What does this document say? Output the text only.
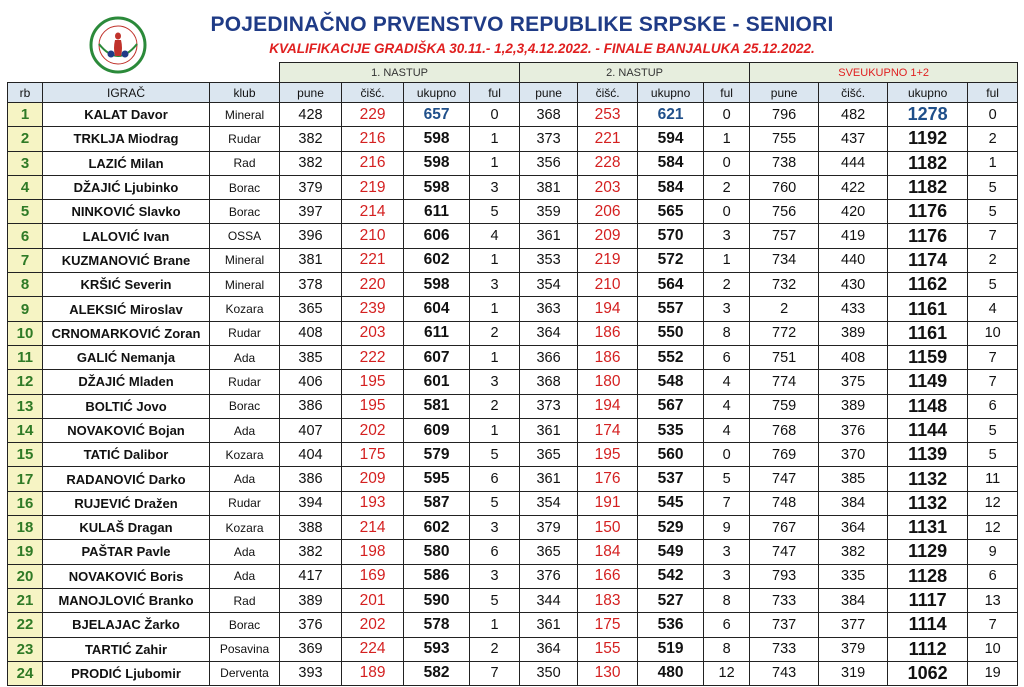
POJEDINAČNO PRVENSTVO REPUBLIKE SRPSKE - SENIORI
KVALIFIKACIJE GRADIŠKA 30.11.- 1,2,3,4.12.2022. - FINALE BANJALUKA 25.12.2022.
			1. NASTUP				2. NASTUP				SVEUKUPNO 1+2			
rb	IGRAČ	klub	pune	čišć.	ukupno	ful	pune	čišć.	ukupno	ful	pune	čišć.	ukupno	ful
1	KALAT Davor	Mineral	428	229	657	0	368	253	621	0	796	482	1278	0
2	TRKLJA Miodrag	Rudar	382	216	598	1	373	221	594	1	755	437	1192	2
3	LAZIĆ Milan	Rad	382	216	598	1	356	228	584	0	738	444	1182	1
4	DŽAJIĆ Ljubinko	Borac	379	219	598	3	381	203	584	2	760	422	1182	5
5	NINKOVIĆ Slavko	Borac	397	214	611	5	359	206	565	0	756	420	1176	5
6	LALOVIĆ Ivan	OSSA	396	210	606	4	361	209	570	3	757	419	1176	7
7	KUZMANOVIĆ Brane	Mineral	381	221	602	1	353	219	572	1	734	440	1174	2
8	KRŠIĆ Severin	Mineral	378	220	598	3	354	210	564	2	732	430	1162	5
9	ALEKSIĆ Miroslav	Kozara	365	239	604	1	363	194	557	3	2	433	1161	4
10	CRNOMARKOVIĆ Zoran	Rudar	408	203	611	2	364	186	550	8	772	389	1161	10
11	GALIĆ Nemanja	Ada	385	222	607	1	366	186	552	6	751	408	1159	7
12	DŽAJIĆ Mladen	Rudar	406	195	601	3	368	180	548	4	774	375	1149	7
13	BOLTIĆ Jovo	Borac	386	195	581	2	373	194	567	4	759	389	1148	6
14	NOVAKOVIĆ Bojan	Ada	407	202	609	1	361	174	535	4	768	376	1144	5
15	TATIĆ Dalibor	Kozara	404	175	579	5	365	195	560	0	769	370	1139	5
17	RADANOVIĆ Darko	Ada	386	209	595	6	361	176	537	5	747	385	1132	11
16	RUJEVIĆ Dražen	Rudar	394	193	587	5	354	191	545	7	748	384	1132	12
18	KULAŠ Dragan	Kozara	388	214	602	3	379	150	529	9	767	364	1131	12
19	PAŠTAR Pavle	Ada	382	198	580	6	365	184	549	3	747	382	1129	9
20	NOVAKOVIĆ Boris	Ada	417	169	586	3	376	166	542	3	793	335	1128	6
21	MANOJLOVIĆ Branko	Rad	389	201	590	5	344	183	527	8	733	384	1117	13
22	BJELAJAC Žarko	Borac	376	202	578	1	361	175	536	6	737	377	1114	7
23	TARTIĆ Zahir	Posavina	369	224	593	2	364	155	519	8	733	379	1112	10
24	PRODIĆ Ljubomir	Derventa	393	189	582	7	350	130	480	12	743	319	1062	19
